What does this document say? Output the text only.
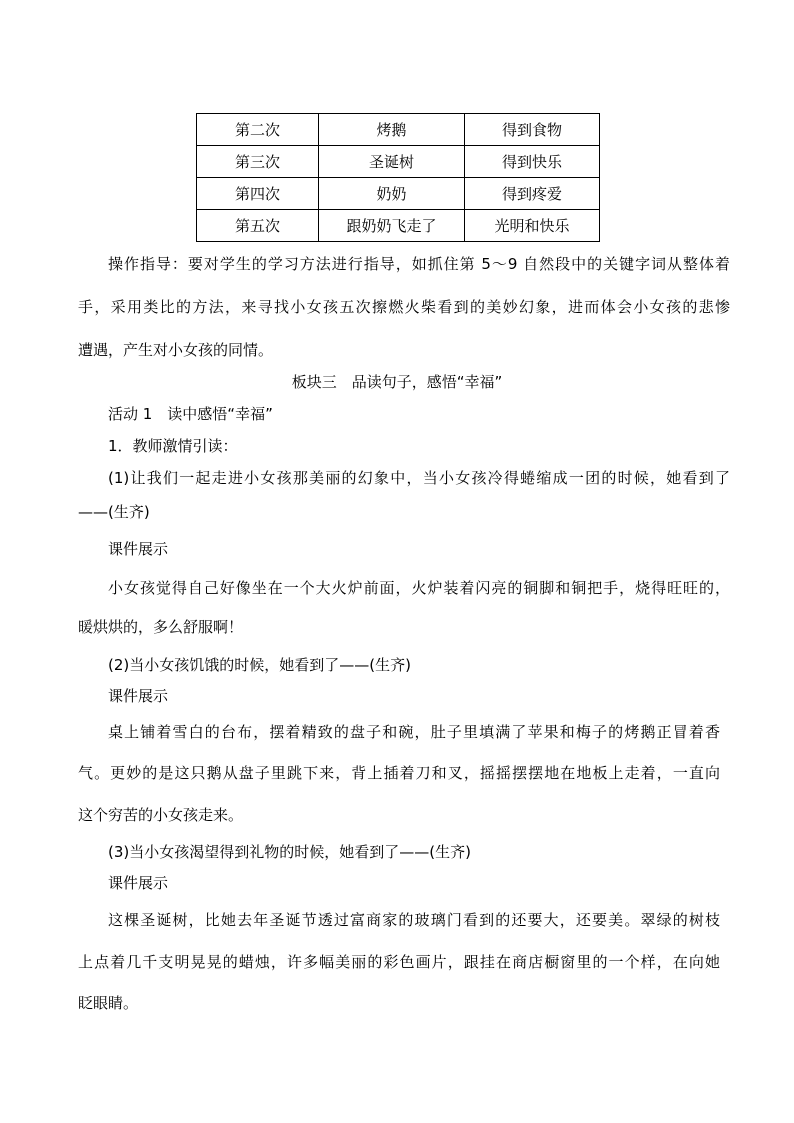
第二次	烤鹅	得到食物
第三次	圣诞树	得到快乐
第四次	奶奶	得到疼爱
第五次	跟奶奶飞走了	光明和快乐
操作指导：要对学生的学习方法进行指导，如抓住第 5～9 自然段中的关键字词从整体着
手，采用类比的方法，来寻找小女孩五次擦燃火柴看到的美妙幻象，进而体会小女孩的悲惨
遭遇，产生对小女孩的同情。
板块三　品读句子，感悟“幸福”
活动 1　读中感悟“幸福”
1．教师激情引读：
(1)让我们一起走进小女孩那美丽的幻象中，当小女孩冷得蜷缩成一团的时候，她看到了
——(生齐)
课件展示
小女孩觉得自己好像坐在一个大火炉前面，火炉装着闪亮的铜脚和铜把手，烧得旺旺的，
暖烘烘的，多么舒服啊！
(2)当小女孩饥饿的时候，她看到了——(生齐)
课件展示
桌上铺着雪白的台布，摆着精致的盘子和碗，肚子里填满了苹果和梅子的烤鹅正冒着香
气。更妙的是这只鹅从盘子里跳下来，背上插着刀和叉，摇摇摆摆地在地板上走着，一直向
这个穷苦的小女孩走来。
(3)当小女孩渴望得到礼物的时候，她看到了——(生齐)
课件展示
这棵圣诞树，比她去年圣诞节透过富商家的玻璃门看到的还要大，还要美。翠绿的树枝
上点着几千支明晃晃的蜡烛，许多幅美丽的彩色画片，跟挂在商店橱窗里的一个样，在向她
眨眼睛。
